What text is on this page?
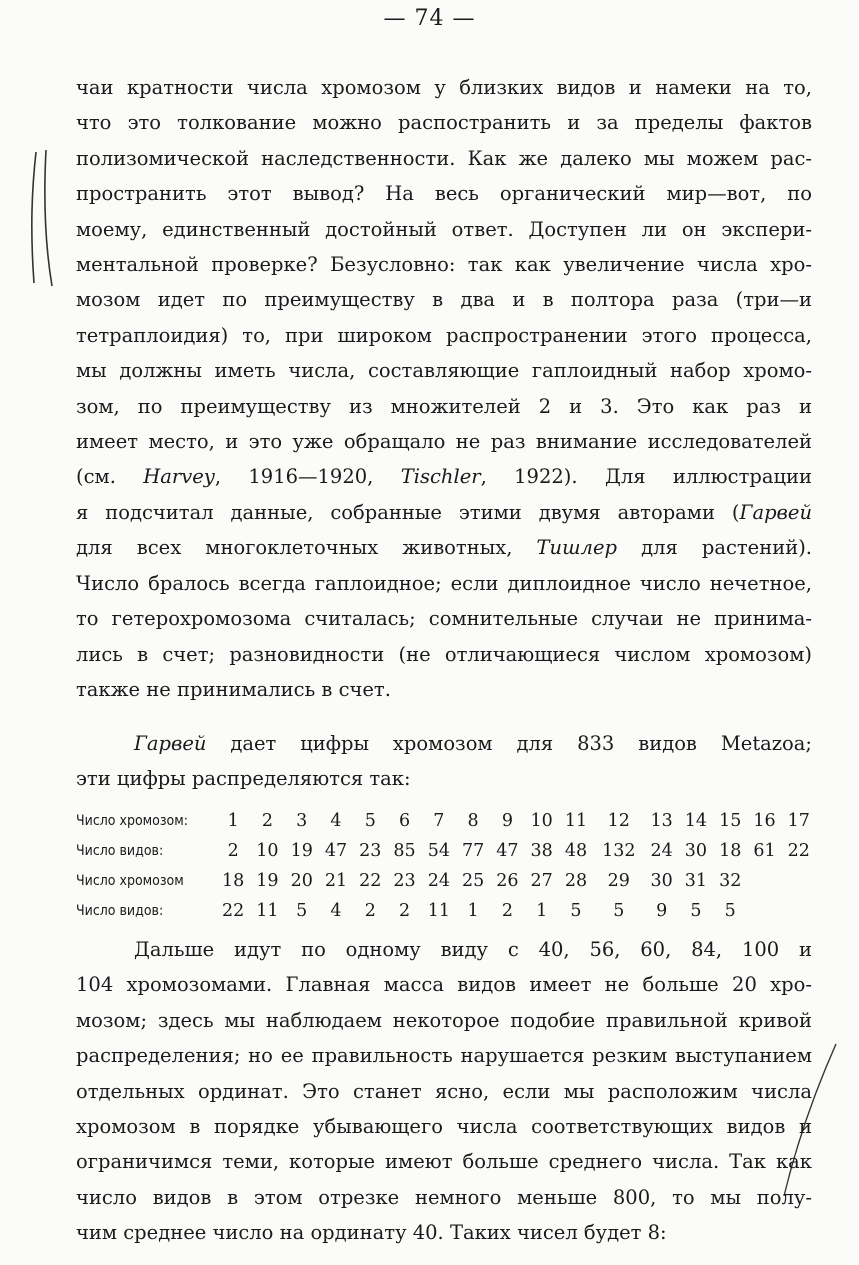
— 74 —
чаи кратности числа хромозом у близких видов и намеки на то,
что это толкование можно распостранить и за пределы фактов
полизомической наследственности. Как же далеко мы можем рас-
пространить этот вывод? На весь органический мир—вот, по
моему, единственный достойный ответ. Доступен ли он экспери-
ментальной проверке? Безусловно: так как увеличение числа хро-
мозом идет по преимуществу в два и в полтора раза (три—и
тетраплоидия) то, при широком распространении этого процесса,
мы должны иметь числа, составляющие гаплоидный набор хромо-
зом, по преимуществу из множителей 2 и 3. Это как раз и
имеет место, и это уже обращало не раз внимание исследователей
(см. Harvey, 1916—1920, Tischler, 1922). Для иллюстрации
я подсчитал данные, собранные этими двумя авторами (Гарвей
для всех многоклеточных животных, Тишлер для растений).
Число бралось всегда гаплоидное; если диплоидное число нечетное,
то гетерохромозома считалась; сомнительные случаи не принима-
лись в счет; разновидности (не отличающиеся числом хромозом)
также не принимались в счет.
Гарвей дает цифры хромозом для 833 видов Metazoa;
эти цифры распределяются так:
Число хромозом:	1	2	3	4	5	6	7	8	9	10	11	12	13	14	15	16	17
Число видов:	2	10	19	47	23	85	54	77	47	38	48	132	24	30	18	61	22
Число хромозом	18	19	20	21	22	23	24	25	26	27	28	29	30	31	32		
Число видов:	22	11	5	4	2	2	11	1	2	1	5	5	9	5	5		
Дальше идут по одному виду с 40, 56, 60, 84, 100 и
104 хромозомами. Главная масса видов имеет не больше 20 хро-
мозом; здесь мы наблюдаем некоторое подобие правильной кривой
распределения; но ее правильность нарушается резким выступанием
отдельных ординат. Это станет ясно, если мы расположим числа
хромозом в порядке убывающего числа соответствующих видов и
ограничимся теми, которые имеют больше среднего числа. Так как
число видов в этом отрезке немного меньше 800, то мы полу-
чим среднее число на ординату 40. Таких чисел будет 8:
